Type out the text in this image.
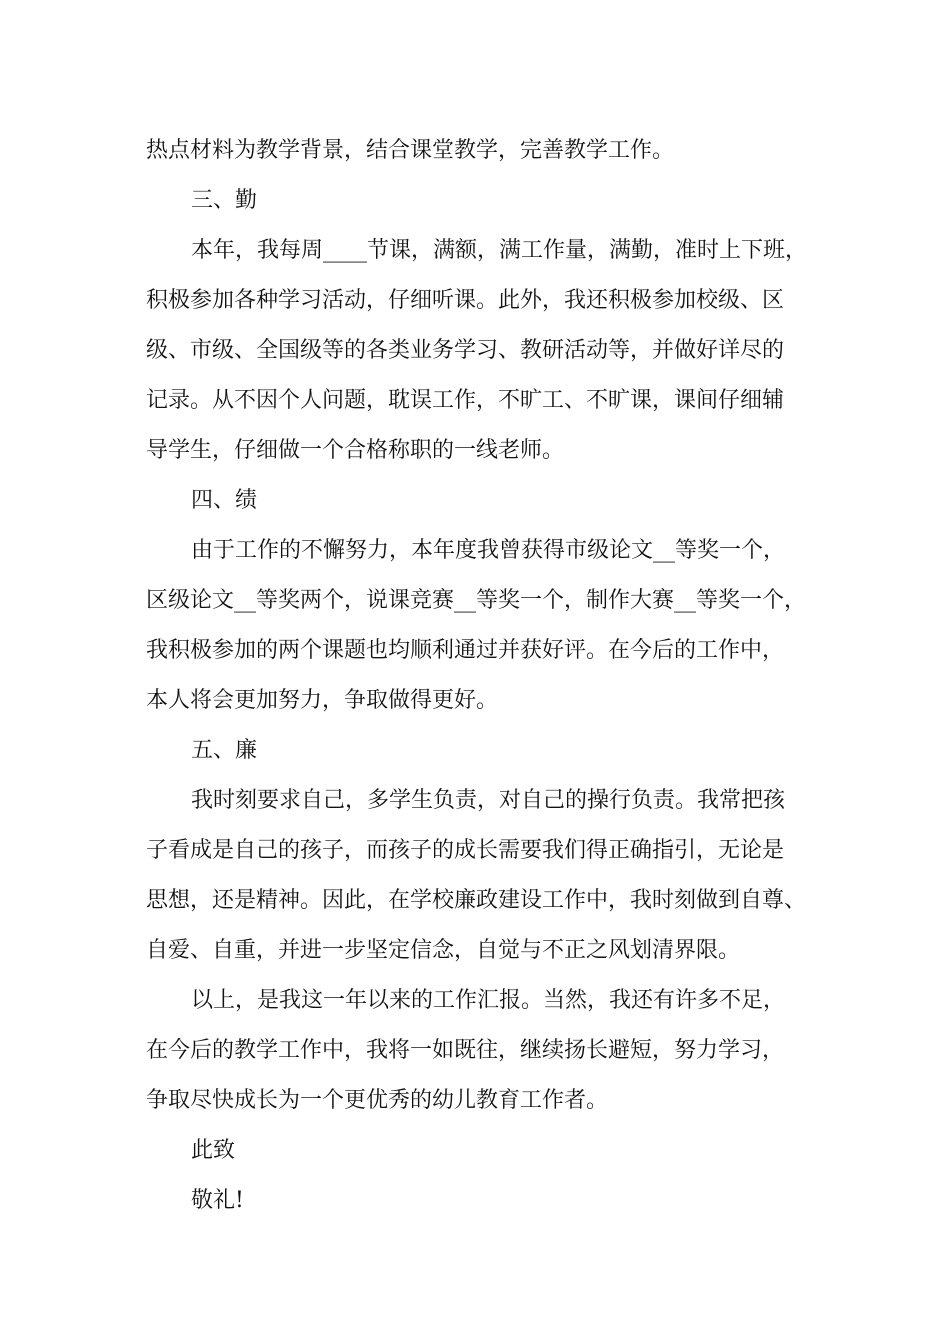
热点材料为教学背景，结合课堂教学，完善教学工作。
三、勤
本年，我每周____节课，满额，满工作量，满勤，准时上下班，
积极参加各种学习活动，仔细听课。此外，我还积极参加校级、区
级、市级、全国级等的各类业务学习、教研活动等，并做好详尽的
记录。从不因个人问题，耽误工作，不旷工、不旷课，课间仔细辅
导学生，仔细做一个合格称职的一线老师。
四、绩
由于工作的不懈努力，本年度我曾获得市级论文__等奖一个，
区级论文__等奖两个，说课竞赛__等奖一个，制作大赛__等奖一个，
我积极参加的两个课题也均顺利通过并获好评。在今后的工作中，
本人将会更加努力，争取做得更好。
五、廉
我时刻要求自己，多学生负责，对自己的操行负责。我常把孩
子看成是自己的孩子，而孩子的成长需要我们得正确指引，无论是
思想，还是精神。因此，在学校廉政建设工作中，我时刻做到自尊、
自爱、自重，并进一步坚定信念，自觉与不正之风划清界限。
以上，是我这一年以来的工作汇报。当然，我还有许多不足，
在今后的教学工作中，我将一如既往，继续扬长避短，努力学习，
争取尽快成长为一个更优秀的幼儿教育工作者。
此致
敬礼!
